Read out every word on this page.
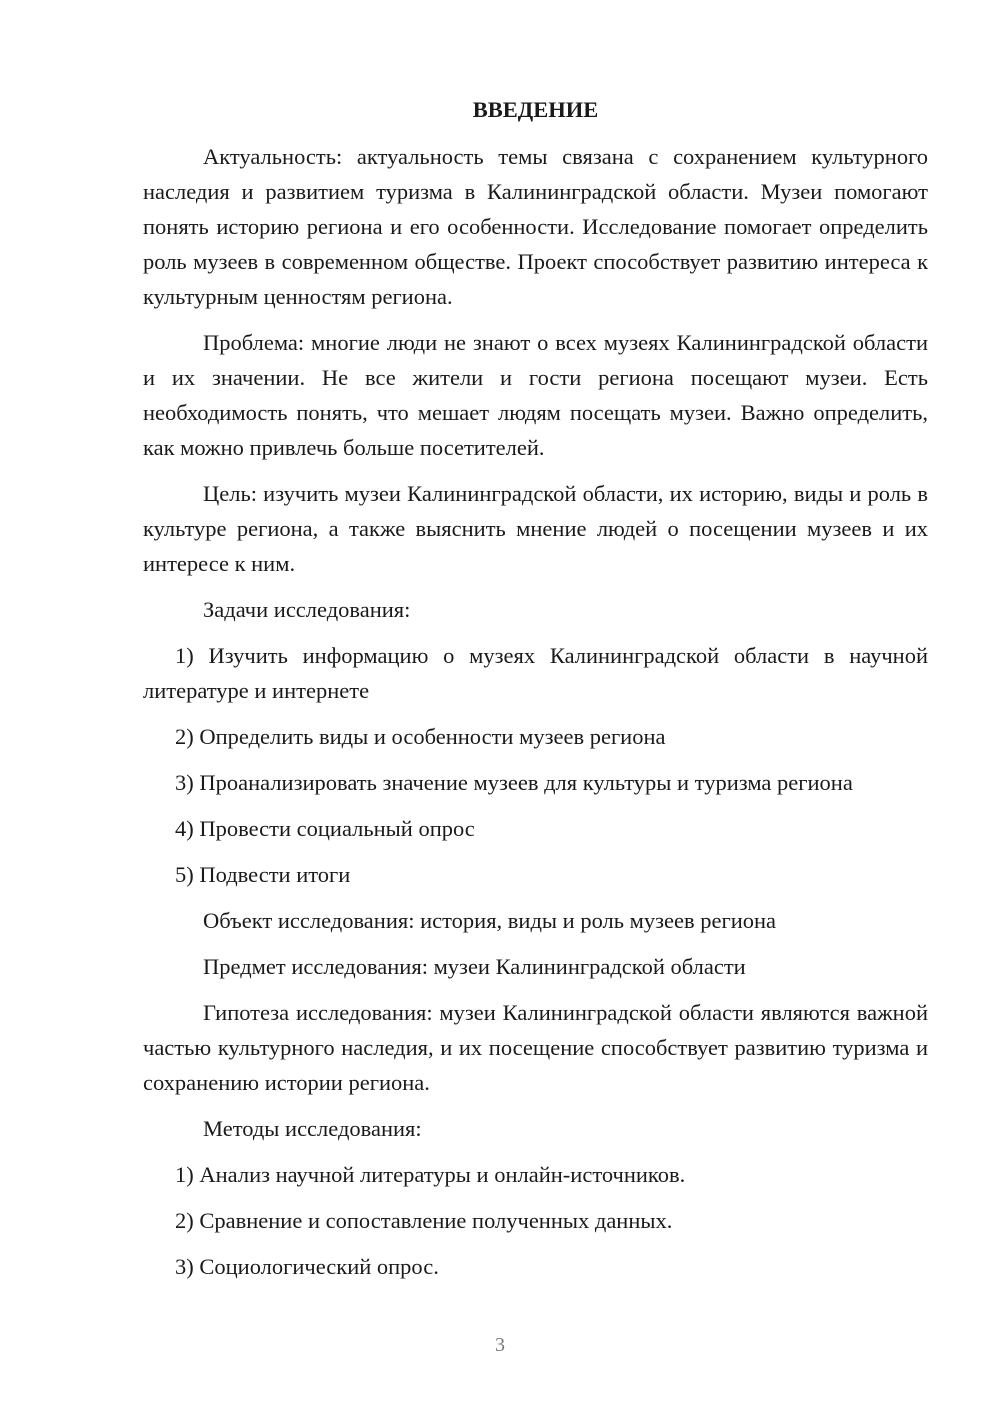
ВВЕДЕНИЕ

Актуальность: актуальность темы связана с сохранением культурного наследия и развитием туризма в Калининградской области. Музеи помогают понять историю региона и его особенности. Исследование помогает определить роль музеев в современном обществе. Проект способствует развитию интереса к культурным ценностям региона.

Проблема: многие люди не знают о всех музеях Калининградской области и их значении. Не все жители и гости региона посещают музеи. Есть необходимость понять, что мешает людям посещать музеи. Важно определить, как можно привлечь больше посетителей.

Цель: изучить музеи Калининградской области, их историю, виды и роль в культуре региона, а также выяснить мнение людей о посещении музеев и их интересе к ним.

Задачи исследования:

1) Изучить информацию о музеях Калининградской области в научной литературе и интернете

2) Определить виды и особенности музеев региона

3) Проанализировать значение музеев для культуры и туризма региона

4) Провести социальный опрос

5) Подвести итоги

Объект исследования: история, виды и роль музеев региона

Предмет исследования: музеи Калининградской области

Гипотеза исследования: музеи Калининградской области являются важной частью культурного наследия, и их посещение способствует развитию туризма и сохранению истории региона.

Методы исследования:

1) Анализ научной литературы и онлайн-источников.

2) Сравнение и сопоставление полученных данных.

3) Социологический опрос.

3
